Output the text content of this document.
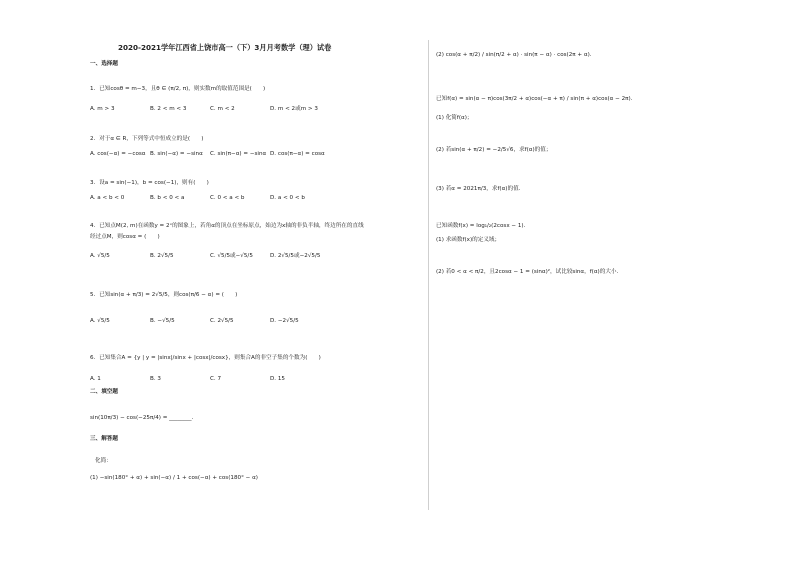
2020-2021学年江西省上饶市高一（下）3月月考数学（理）试卷
一、选择题
1．已知cosθ = m−3，且θ ∈ (π/2, π)，则实数m的取值范围是(　　)
A. m > 3	B. 2 < m < 3	C. m < 2	D. m < 2或m > 3
2．对于α ∈ R，下列等式中恒成立的是(　　)
A. cos(−α) = −cosα B. sin(−α) = −sinα C. sin(π−α) = −sinα D. cos(π−α) = cosα
3．设a = sin(−1)，b = cos(−1)，则有(　　)
A. a < b < 0	B. b < 0 < a	C. 0 < a < b	D. a < 0 < b
4．已知点M(2, m)在函数y = 2ˣ的图象上，若角α的顶点在坐标原点，始边为x轴的非负半轴，终边所在的直线
经过点M，则cosα = (　　)
A. √5/5	B. 2√5/5	C. √5/5或−√5/5	D. 2√5/5或−2√5/5
5．已知sin(α + π/3) = 2√5/5，则cos(π/6 − α) = (　　)
A. √5/5	B. −√5/5	C. 2√5/5	D. −2√5/5
6．已知集合A = {y | y = |sinx|/sinx + |cosx|/cosx}，则集合A的非空子集的个数为(　　)
A. 1	B. 3	C. 7	D. 15
二、填空题
sin(10π/3) − cos(−25π/4) = ________．
三、解答题
化简：
(1) −sin(180° + α) + sin(−α) / 1 + cos(−α) + cos(180° − α)
(2) cos(α + π/2) / sin(π/2 + α) · sin(π − α) · cos(2π + α)．
已知f(α) = sin(α − π)cos(3π/2 + α)cos(−α + π) / sin(π + α)cos(α − 2π)．
(1) 化简f(α)；
(2) 若sin(α + π/2) = −2/5√6，求f(α)的值；
(3) 若α = 2021π/3，求f(α)的值．
已知函数f(x) = log₁/₂(2cosx − 1)．
(1) 求函数f(x)的定义域；
(2) 若0 < α < π/2，且2cosα − 1 = (sinα)²，试比较sinα，f(α)的大小．
